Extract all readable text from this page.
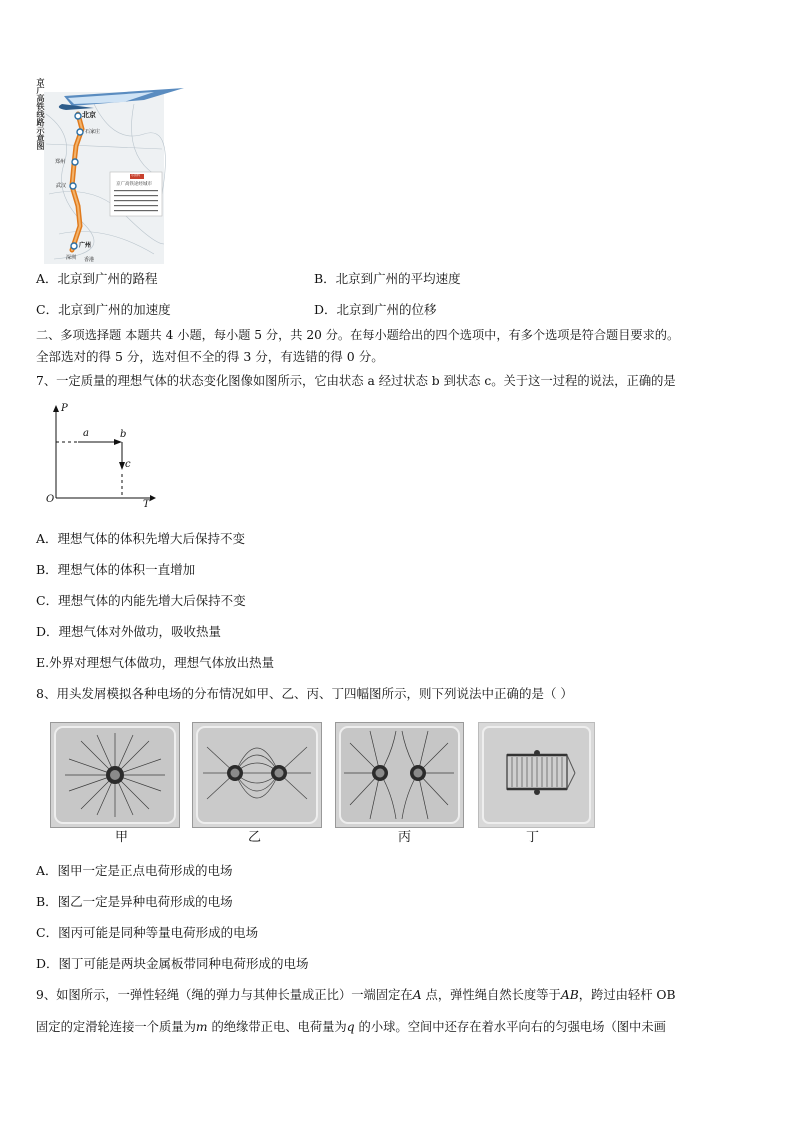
京广高铁线路示意图	北京
石家庄
郑州
武汉
广州
深圳 香港
小资料
京广高铁途经城市
A．北京到广州的路程	B．北京到广州的平均速度
C．北京到广州的加速度	D．北京到广州的位移
二、多项选择题 本题共 4 小题，每小题 5 分，共 20 分。在每小题给出的四个选项中，有多个选项是符合题目要求的。
全部选对的得 5 分，选对但不全的得 3 分，有选错的得 0 分。
7、一定质量的理想气体的状态变化图像如图所示，它由状态 a 经过状态 b 到状态 c。关于这一过程的说法，正确的是
P
T
O
a	b
c
A．理想气体的体积先增大后保持不变
B．理想气体的体积一直增加
C．理想气体的内能先增大后保持不变
D．理想气体对外做功，吸收热量
E.外界对理想气体做功，理想气体放出热量
8、用头发屑模拟各种电场的分布情况如甲、乙、丙、丁四幅图所示，则下列说法中正确的是（ ）
甲	乙	丙	丁
A．图甲一定是正点电荷形成的电场
B．图乙一定是异种电荷形成的电场
C．图丙可能是同种等量电荷形成的电场
D．图丁可能是两块金属板带同种电荷形成的电场
9、如图所示，一弹性轻绳（绳的弹力与其伸长量成正比）一端固定在A 点，弹性绳自然长度等于AB，跨过由轻杆 OB
固定的定滑轮连接一个质量为m 的绝缘带正电、电荷量为q 的小球。空间中还存在着水平向右的匀强电场（图中未画
